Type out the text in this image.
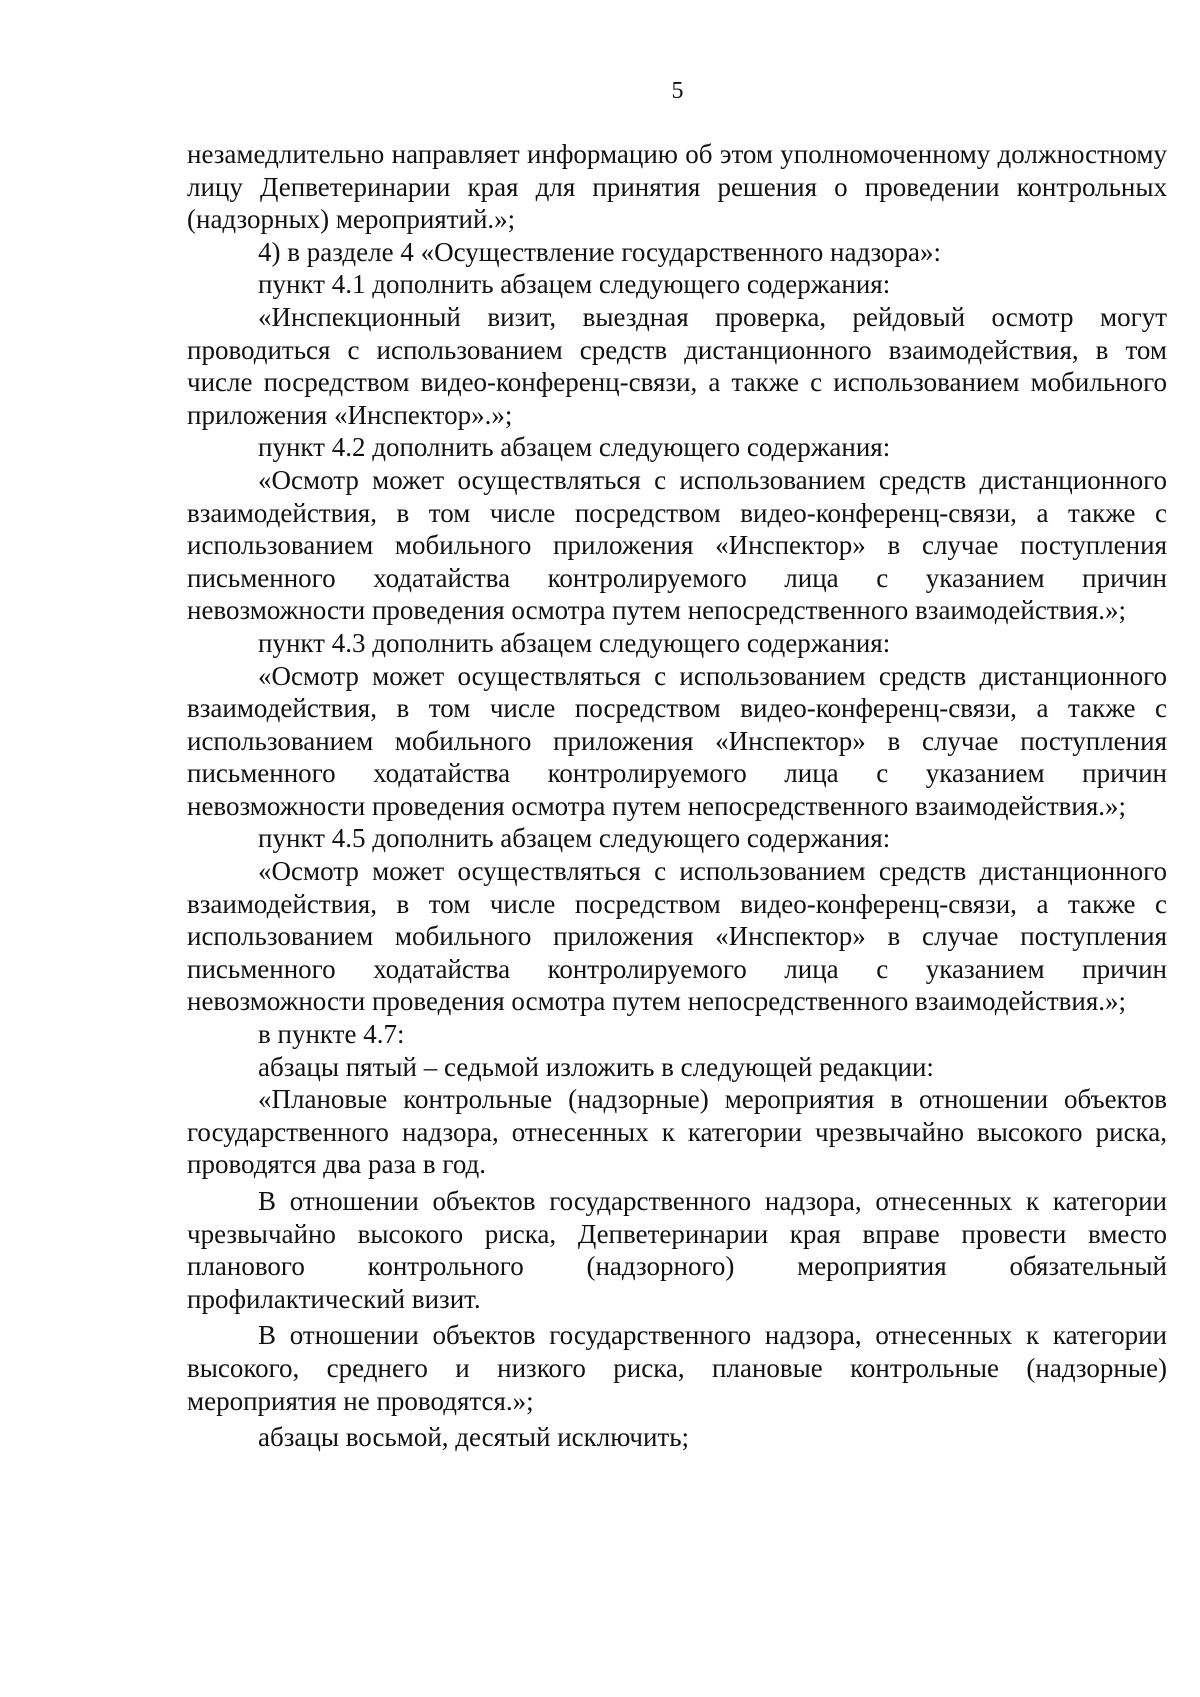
5

незамедлительно направляет информацию об этом уполномоченному должностному лицу Депветеринарии края для принятия решения о проведении контрольных (надзорных) мероприятий.»;

4) в разделе 4 «Осуществление государственного надзора»:

пункт 4.1 дополнить абзацем следующего содержания:

«Инспекционный визит, выездная проверка, рейдовый осмотр могут проводиться с использованием средств дистанционного взаимодействия, в том числе посредством видео-конференц-связи, а также с использованием мобильного приложения «Инспектор».»;

пункт 4.2 дополнить абзацем следующего содержания:

«Осмотр может осуществляться с использованием средств дистанционного взаимодействия, в том числе посредством видео-конференц-связи, а также с использованием мобильного приложения «Инспектор» в случае поступления письменного ходатайства контролируемого лица с указанием причин невозможности проведения осмотра путем непосредственного взаимодействия.»;

пункт 4.3 дополнить абзацем следующего содержания:

«Осмотр может осуществляться с использованием средств дистанционного взаимодействия, в том числе посредством видео-конференц-связи, а также с использованием мобильного приложения «Инспектор» в случае поступления письменного ходатайства контролируемого лица с указанием причин невозможности проведения осмотра путем непосредственного взаимодействия.»;

пункт 4.5 дополнить абзацем следующего содержания:

«Осмотр может осуществляться с использованием средств дистанционного взаимодействия, в том числе посредством видео-конференц-связи, а также с использованием мобильного приложения «Инспектор» в случае поступления письменного ходатайства контролируемого лица с указанием причин невозможности проведения осмотра путем непосредственного взаимодействия.»;

в пункте 4.7:

абзацы пятый – седьмой изложить в следующей редакции:

«Плановые контрольные (надзорные) мероприятия в отношении объектов государственного надзора, отнесенных к категории чрезвычайно высокого риска, проводятся два раза в год.

В отношении объектов государственного надзора, отнесенных к категории чрезвычайно высокого риска, Депветеринарии края вправе провести вместо планового контрольного (надзорного) мероприятия обязательный профилактический визит.

В отношении объектов государственного надзора, отнесенных к категории высокого, среднего и низкого риска, плановые контрольные (надзорные) мероприятия не проводятся.»;

абзацы восьмой, десятый исключить;
